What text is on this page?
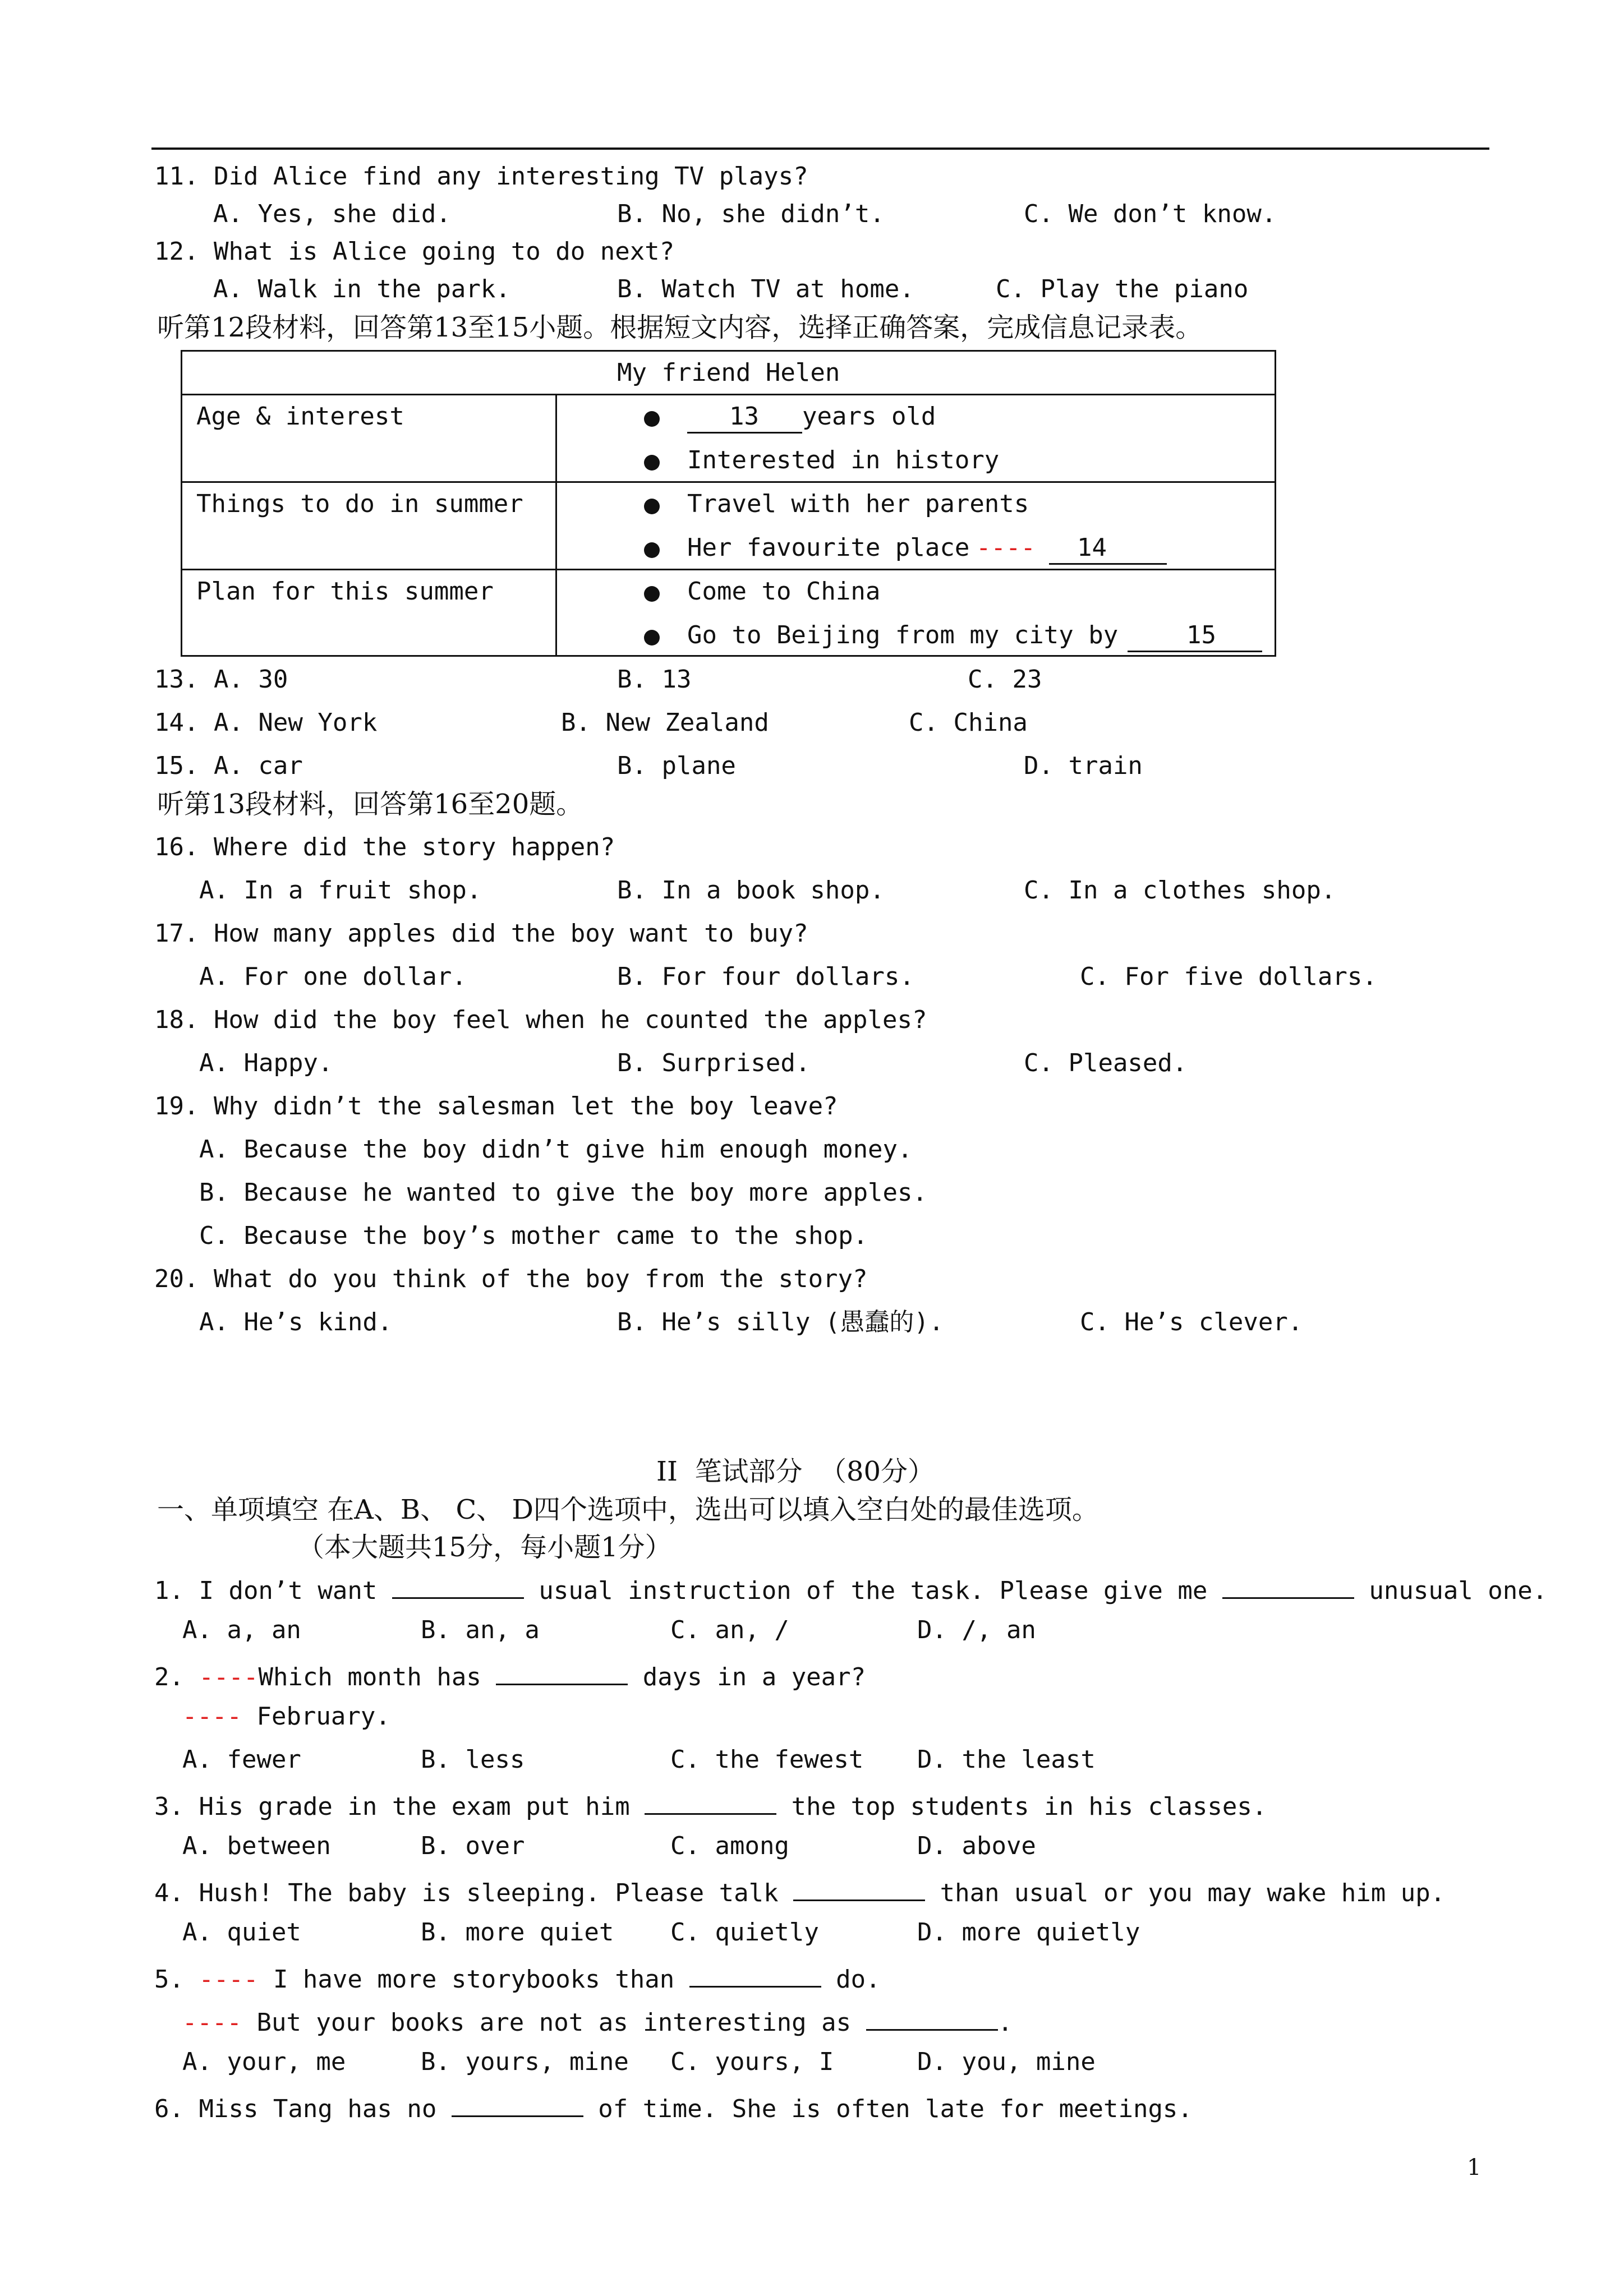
11. Did Alice find any interesting TV plays?
A. Yes, she did.	B. No, she didn’t.	C. We don’t know.
12. What is Alice going to do next?
A. Walk in the park.	B. Watch TV at home.	C. Play the piano
听第12段材料，回答第13至15小题。根据短文内容，选择正确答案，完成信息记录表。
My friend Helen
Age & interest	13 years old
Interested in history
Things to do in summer	Travel with her parents
Her favourite place ---- 14
Plan for this summer	Come to China
Go to Beijing from my city by	15
13. A. 30	B. 13	C. 23
14. A. New York	B. New Zealand	C. China
15. A. car	B. plane	D. train
听第13段材料，回答第16至20题。
16. Where did the story happen?
A. In a fruit shop.	B. In a book shop.	C. In a clothes shop.
17. How many apples did the boy want to buy?
A. For one dollar.	B. For four dollars.	C. For five dollars.
18. How did the boy feel when he counted the apples?
A. Happy.	B. Surprised.	C. Pleased.
19. Why didn’t the salesman let the boy leave?
A. Because the boy didn’t give him enough money.
B. Because he wanted to give the boy more apples.
C. Because the boy’s mother came to the shop.
20. What do you think of the boy from the story?
A. He’s kind.	B. He’s silly (愚蠢的).	C. He’s clever.
II  笔试部分  （80分）
一、单项填空 在A、B、 C、 D四个选项中，选出可以填入空白处的最佳选项。
（本大题共15分，每小题1分）
1. I don’t want	usual instruction of the task. Please give me	unusual one.
A. a, an	B. an, a	C. an, /	D. /, an
2. ----Which month has	days in a year?
---- February.
A. fewer	B. less	C. the fewest D. the least
3. His grade in the exam put him	the top students in his classes.
A. between	B. over	C. among	D. above
4. Hush! The baby is sleeping. Please talk	than usual or you may wake him up.
A. quiet	B. more quiet C. quietly	D. more quietly
5. ---- I have more storybooks than	do.
---- But your books are not as interesting as	.
A. your, me	B. yours, mine C. yours, I	D. you, mine
6. Miss Tang has no	of time. She is often late for meetings.
1
